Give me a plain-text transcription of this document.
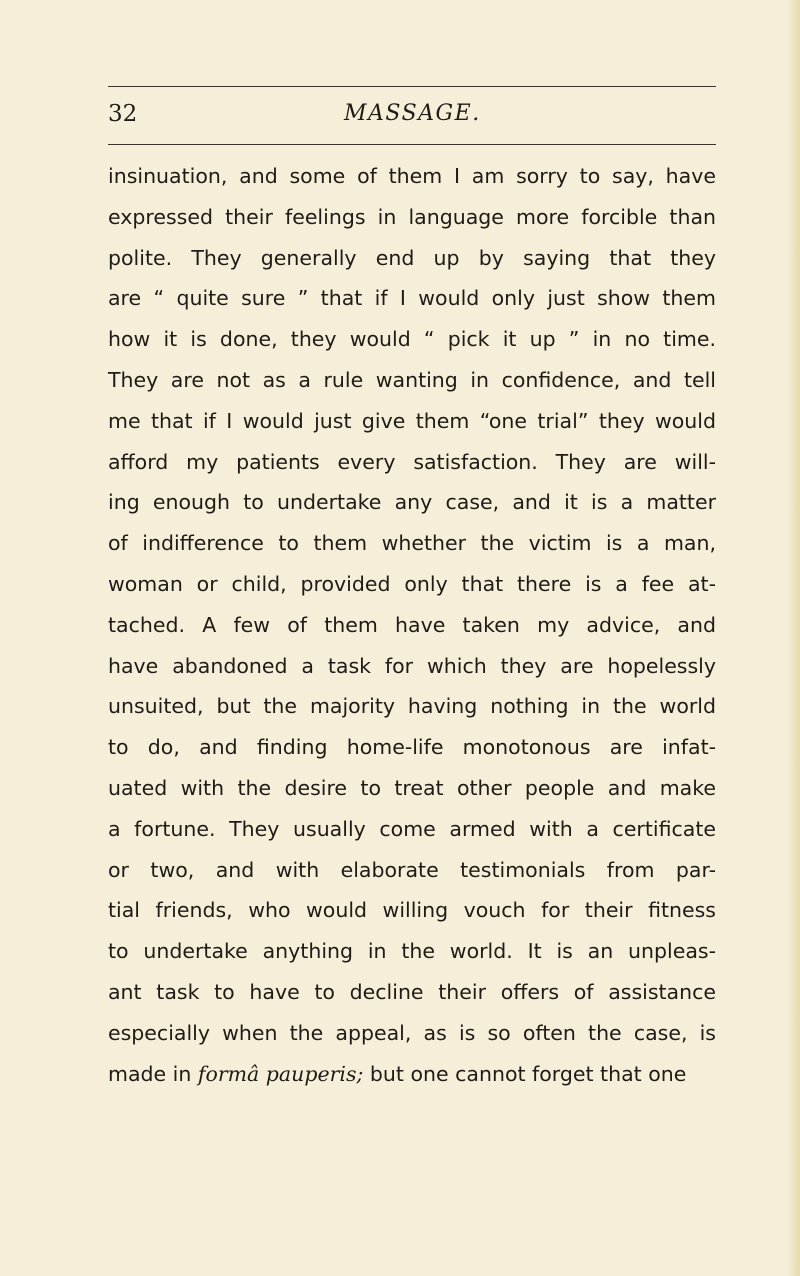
32	MASSAGE.
insinuation, and some of them I am sorry to say, have
expressed their feelings in language more forcible than
polite. They generally end up by saying that they
are “ quite sure ” that if I would only just show them
how it is done, they would “ pick it up ” in no time.
They are not as a rule wanting in confidence, and tell
me that if I would just give them “one trial” they would
afford my patients every satisfaction. They are will-
ing enough to undertake any case, and it is a matter
of indifference to them whether the victim is a man,
woman or child, provided only that there is a fee at-
tached. A few of them have taken my advice, and
have abandoned a task for which they are hopelessly
unsuited, but the majority having nothing in the world
to do, and finding home-life monotonous are infat-
uated with the desire to treat other people and make
a fortune. They usually come armed with a certificate
or two, and with elaborate testimonials from par-
tial friends, who would willing vouch for their fitness
to undertake anything in the world. It is an unpleas-
ant task to have to decline their offers of assistance
especially when the appeal, as is so often the case, is
made in formâ pauperis; but one cannot forget that one
